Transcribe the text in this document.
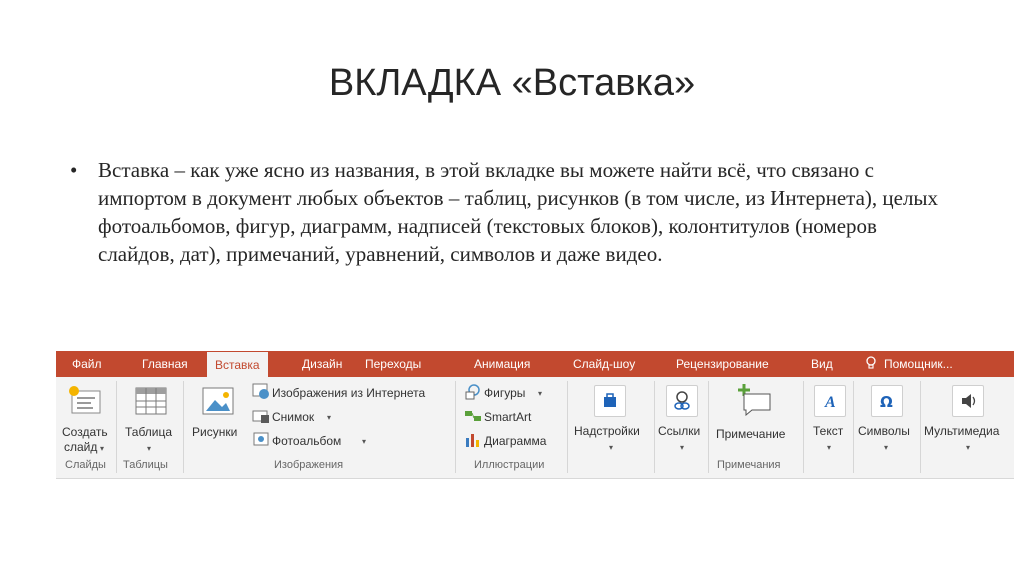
ВКЛАДКА «Вставка»
• Вставка – как уже ясно из названия, в этой вкладке вы можете найти всё, что связано с импортом в документ любых объектов – таблиц, рисунков (в том числе, из Интернета), целых фотоальбомов, фигур, диаграмм, надписей (текстовых блоков), колонтитулов (номеров слайдов, дат), примечаний, уравнений, символов и даже видео.
Файл	Главная	Вставка	Дизайн Переходы	Анимация	Слайд-шоу	Рецензирование	Вид	Помощник...
Создать
слайд ▾
Слайды
Таблица
▾
Таблицы
Рисунки
Изображения из Интернета
Снимок ▾
Фотоальбом	▾
Изображения
Фигуры ▾
SmartArt
Диаграмма
Иллюстрации
Надстройки
▾
Ссылки
▾
Примечание
Примечания
A
Текст
▾
Ω
Символы
▾
Мультимедиа
▾
